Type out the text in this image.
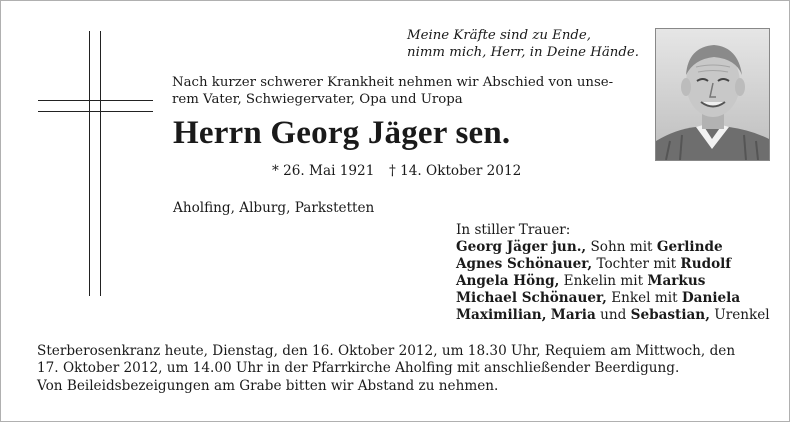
Meine Kräfte sind zu Ende,
nimm mich, Herr, in Deine Hände.
Nach kurzer schwerer Krankheit nehmen wir Abschied von unse-
rem Vater, Schwiegervater, Opa und Uropa
Herrn Georg Jäger sen.
* 26. Mai 1921 † 14. Oktober 2012
Aholfing, Alburg, Parkstetten
In stiller Trauer:
Georg Jäger jun., Sohn mit Gerlinde
Agnes Schönauer, Tochter mit Rudolf
Angela Höng, Enkelin mit Markus
Michael Schönauer, Enkel mit Daniela
Maximilian, Maria und Sebastian, Urenkel
Sterberosenkranz heute, Dienstag, den 16. Oktober 2012, um 18.30 Uhr, Requiem am Mittwoch, den
17. Oktober 2012, um 14.00 Uhr in der Pfarrkirche Aholfing mit anschließender Beerdigung.
Von Beileidsbezeigungen am Grabe bitten wir Abstand zu nehmen.
